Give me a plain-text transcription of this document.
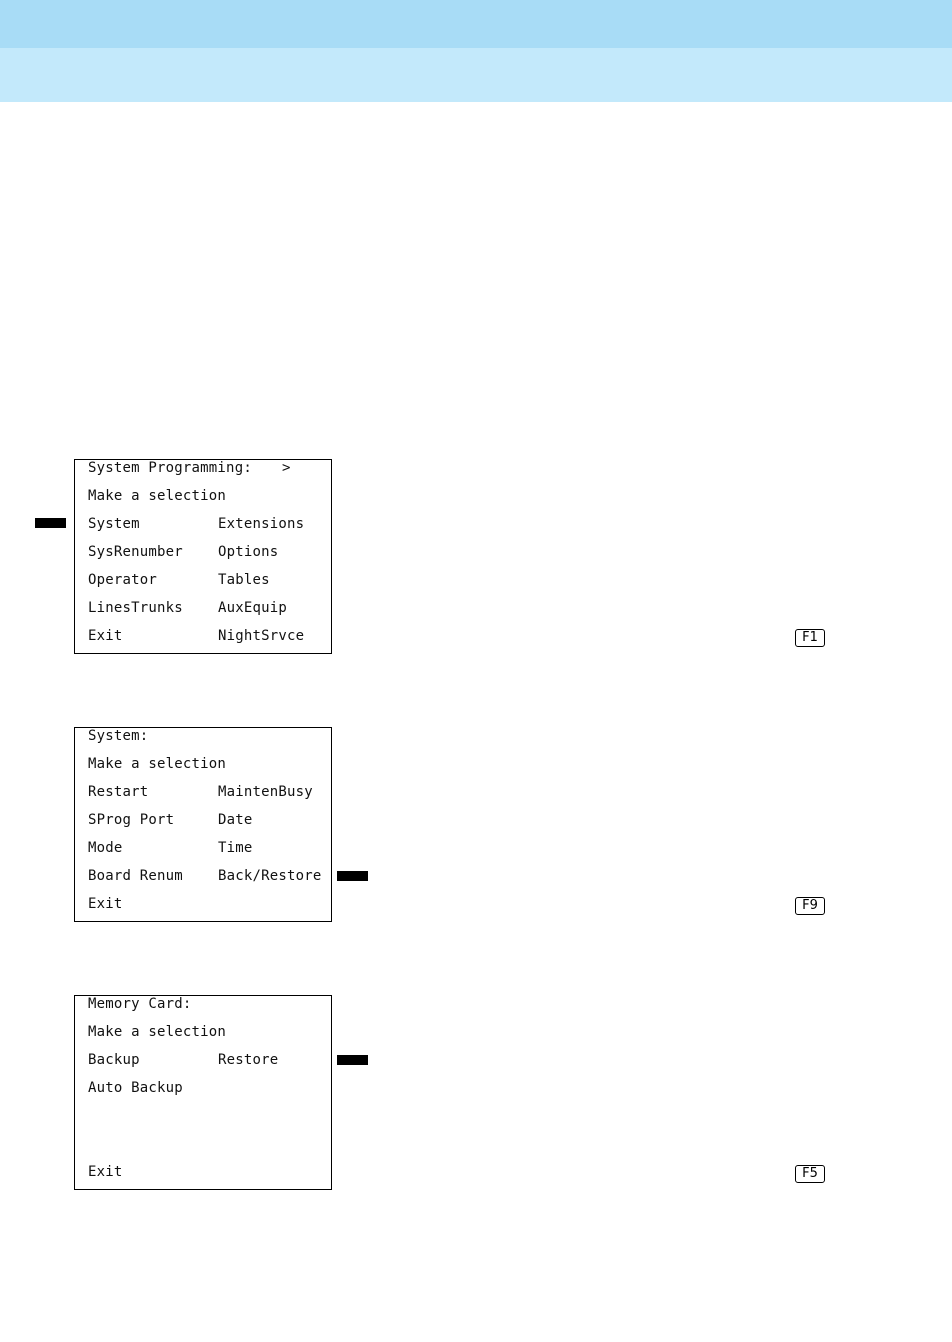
System Programming: >
Make a selection
System	Extensions
SysRenumber	Options
Operator	Tables
LinesTrunks	AuxEquip
Exit	NightSrvce	F1
System:
Make a selection
Restart	MaintenBusy
SProg Port	Date
Mode	Time
Board Renum	Back/Restore
Exit	F9
Memory Card:
Make a selection
Backup	Restore
Auto Backup
Exit	F5
